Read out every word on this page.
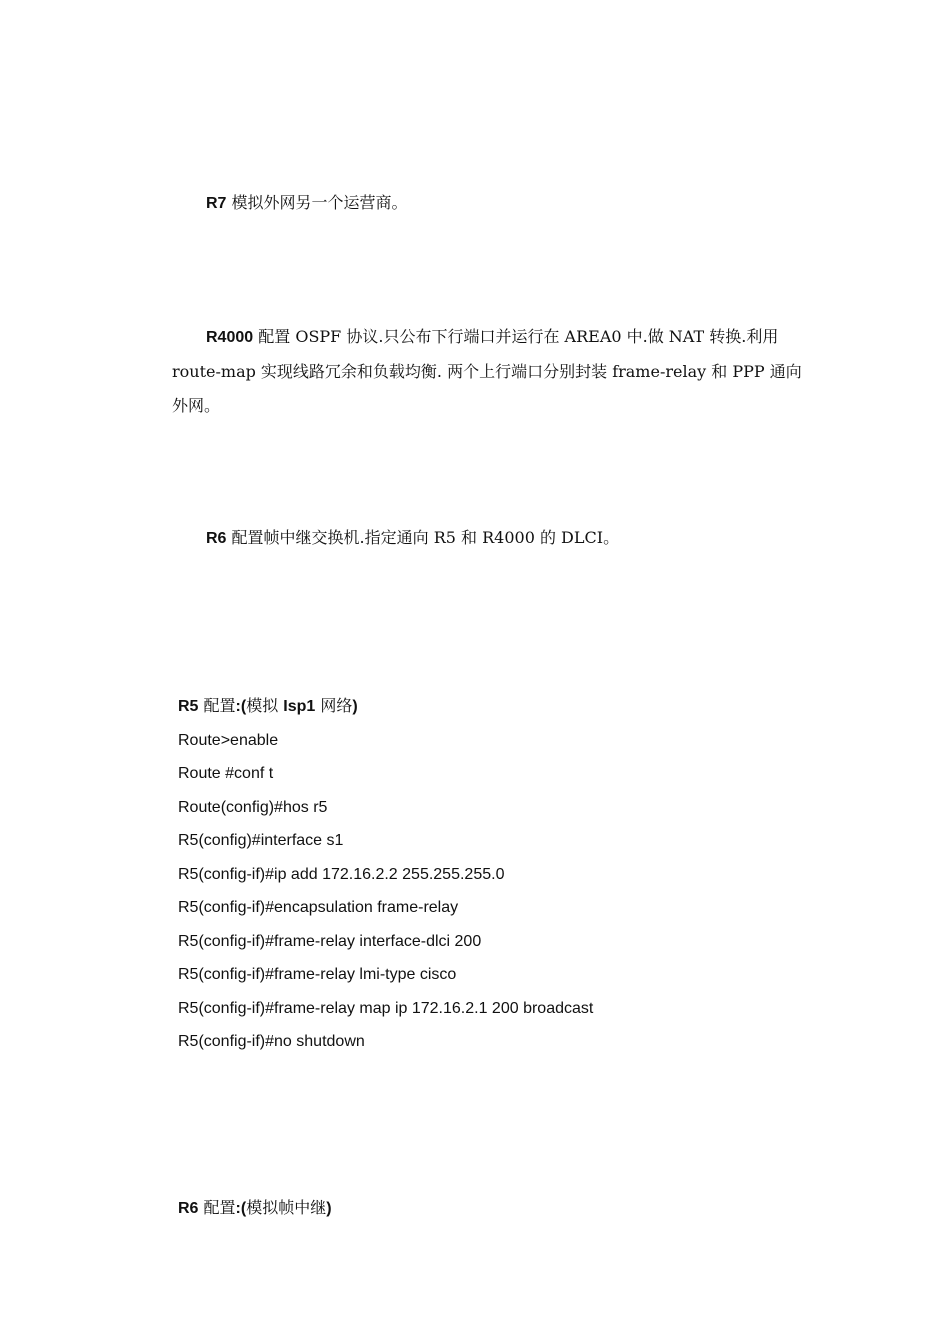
R7 模拟外网另一个运营商。

R4000 配置 OSPF 协议.只公布下行端口并运行在 AREA0 中.做 NAT 转换.利用
route-map 实现线路冗余和负载均衡. 两个上行端口分别封装 frame-relay 和 PPP 通向
外网。

R6 配置帧中继交换机.指定通向 R5 和 R4000 的 DLCI。

R5 配置:(模拟 Isp1 网络)

Route>enable

Route #conf t

Route(config)#hos r5

R5(config)#interface s1

R5(config-if)#ip add 172.16.2.2 255.255.255.0

R5(config-if)#encapsulation frame-relay

R5(config-if)#frame-relay interface-dlci 200

R5(config-if)#frame-relay lmi-type cisco

R5(config-if)#frame-relay map ip 172.16.2.1 200 broadcast

R5(config-if)#no shutdown

R6 配置:(模拟帧中继)
